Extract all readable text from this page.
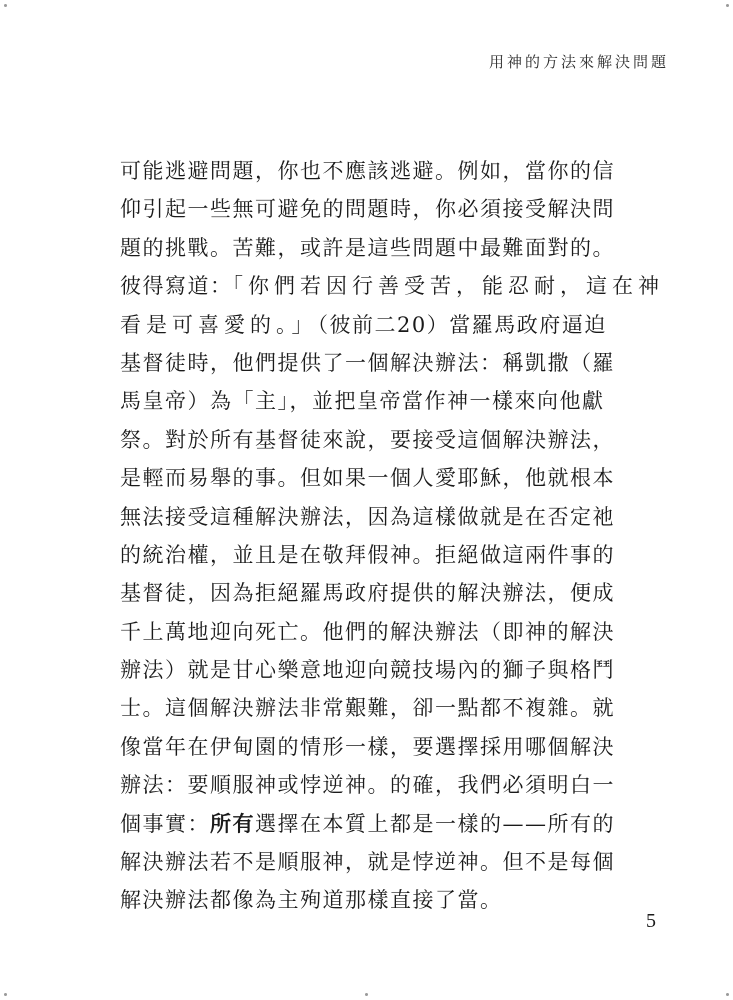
用神的方法來解決問題
可能逃避問題，你也不應該逃避。例如，當你的信
仰引起一些無可避免的問題時，你必須接受解決問
題的挑戰。苦難，或許是這些問題中最難面對的。
彼得寫道：「你們若因行善受苦，能忍耐，這在神
看是可喜愛的。」（彼前二20）當羅馬政府逼迫
基督徒時，他們提供了一個解決辦法：稱凱撒（羅
馬皇帝）為「主」，並把皇帝當作神一樣來向他獻
祭。對於所有基督徒來說，要接受這個解決辦法，
是輕而易舉的事。但如果一個人愛耶穌，他就根本
無法接受這種解決辦法，因為這樣做就是在否定祂
的統治權，並且是在敬拜假神。拒絕做這兩件事的
基督徒，因為拒絕羅馬政府提供的解決辦法，便成
千上萬地迎向死亡。他們的解決辦法（即神的解決
辦法）就是甘心樂意地迎向競技場內的獅子與格鬥
士。這個解決辦法非常艱難，卻一點都不複雜。就
像當年在伊甸園的情形一樣，要選擇採用哪個解決
辦法：要順服神或悖逆神。的確，我們必須明白一
個事實：所有選擇在本質上都是一樣的——所有的
解決辦法若不是順服神，就是悖逆神。但不是每個
解決辦法都像為主殉道那樣直接了當。
5
